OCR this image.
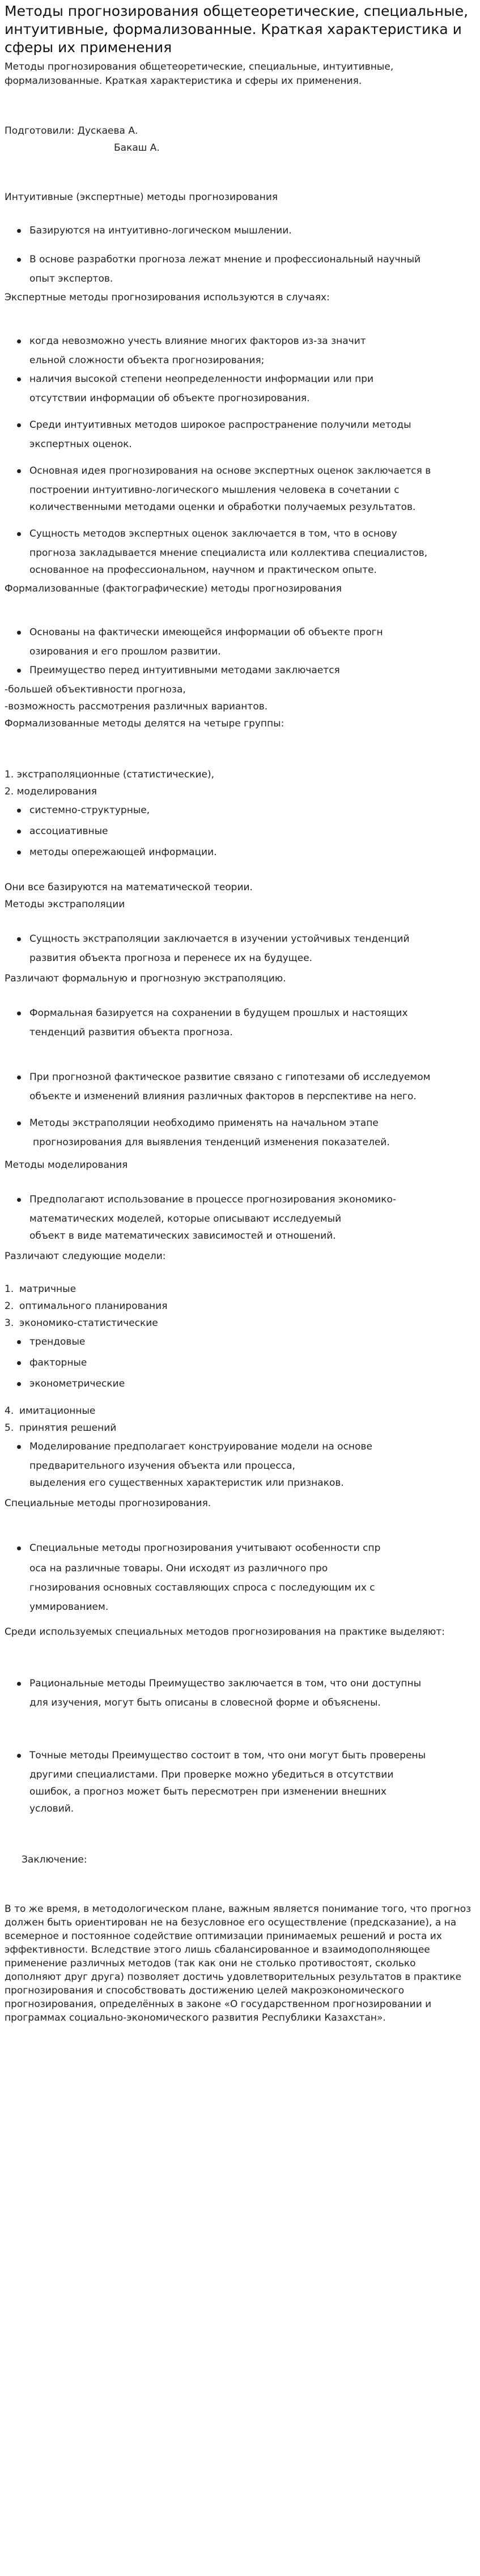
Методы прогнозирования общетеоретические, специальные, интуитивные, формализованные. Краткая характеристика и сферы их применения

Методы прогнозирования общетеоретические, специальные, интуитивные, формализованные. Краткая характеристика и сферы их применения.

Подготовили: Дускаева А.
Бакаш А.

Интуитивные (экспертные) методы прогнозирования

Базируются на интуитивно-логическом мышлении.
В основе разработки прогноза лежат мнение и профессиональный научный
опыт экспертов.

Экспертные методы прогнозирования используются в случаях:

когда невозможно учесть влияние многих факторов из-за значит
ельной сложности объекта прогнозирования;
наличия высокой степени неопределенности информации или при
отсутствии информации об объекте прогнозирования.
Среди интуитивных методов широкое распространение получили методы
экспертных оценок.
Основная идея прогнозирования на основе экспертных оценок заключается в
построении интуитивно-логического мышления человека в сочетании с
количественными методами оценки и обработки получаемых результатов.
Сущность методов экспертных оценок заключается в том, что в основу
прогноза закладывается мнение специалиста или коллектива специалистов,
основанное на профессиональном, научном и практическом опыте.

Формализованные (фактографические) методы прогнозирования

Основаны на фактически имеющейся информации об объекте прогн
озирования и его прошлом развитии.
Преимущество перед интуитивными методами заключается
-большей объективности прогноза,
-возможность рассмотрения различных вариантов.
Формализованные методы делятся на четыре группы:
1. экстраполяционные (статистические),
2. моделирования
системно-структурные,
ассоциативные
методы опережающей информации.
Они все базируются на математической теории.
Методы экстраполяции
Сущность экстраполяции заключается в изучении устойчивых тенденций
развития объекта прогноза и перенесе их на будущее.
Различают формальную и прогнозную экстраполяцию.
Формальная базируется на сохранении в будущем прошлых и настоящих
тенденций развития объекта прогноза.
При прогнозной фактическое развитие связано с гипотезами об исследуемом
объекте и изменений влияния различных факторов в перспективе на него.
Методы экстраполяции необходимо применять на начальном этапе
прогнозирования для выявления тенденций изменения показателей.
Методы моделирования
Предполагают использование в процессе прогнозирования экономико-
математических моделей, которые описывают исследуемый
объект в виде математических зависимостей и отношений.
Различают следующие модели:
1. матричные
2. оптимального планирования
3. экономико-статистические
трендовые
факторные
эконометрические
4. имитационные
5. принятия решений
Моделирование предполагает конструирование модели на основе
предварительного изучения объекта или процесса,
выделения его существенных характеристик или признаков.
Специальные методы прогнозирования.
Специальные методы прогнозирования учитывают особенности спр
оса на различные товары. Они исходят из различного про
гнозирования основных составляющих спроса с последующим их с
уммированием.
Среди используемых специальных методов прогнозирования на практике выделяют:
Рациональные методы Преимущество заключается в том, что они доступны
для изучения, могут быть описаны в словесной форме и объяснены.
Точные методы Преимущество состоит в том, что они могут быть проверены
другими специалистами. При проверке можно убедиться в отсутствии
ошибок, а прогноз может быть пересмотрен при изменении внешних
условий.
Заключение:

В то же время, в методологическом плане, важным является понимание того, что прогноз должен быть ориентирован не на безусловное его осуществление (предсказание), а на всемерное и постоянное содействие оптимизации принимаемых решений и роста их эффективности. Вследствие этого лишь сбалансированное и взаимодополняющее применение различных методов (так как они не столько противостоят, сколько дополняют друг друга) позволяет достичь удовлетворительных результатов в практике прогнозирования и способствовать достижению целей макроэкономического прогнозирования, определённых в законе «О государственном прогнозировании и программах социально-экономического развития Республики Казахстан».
